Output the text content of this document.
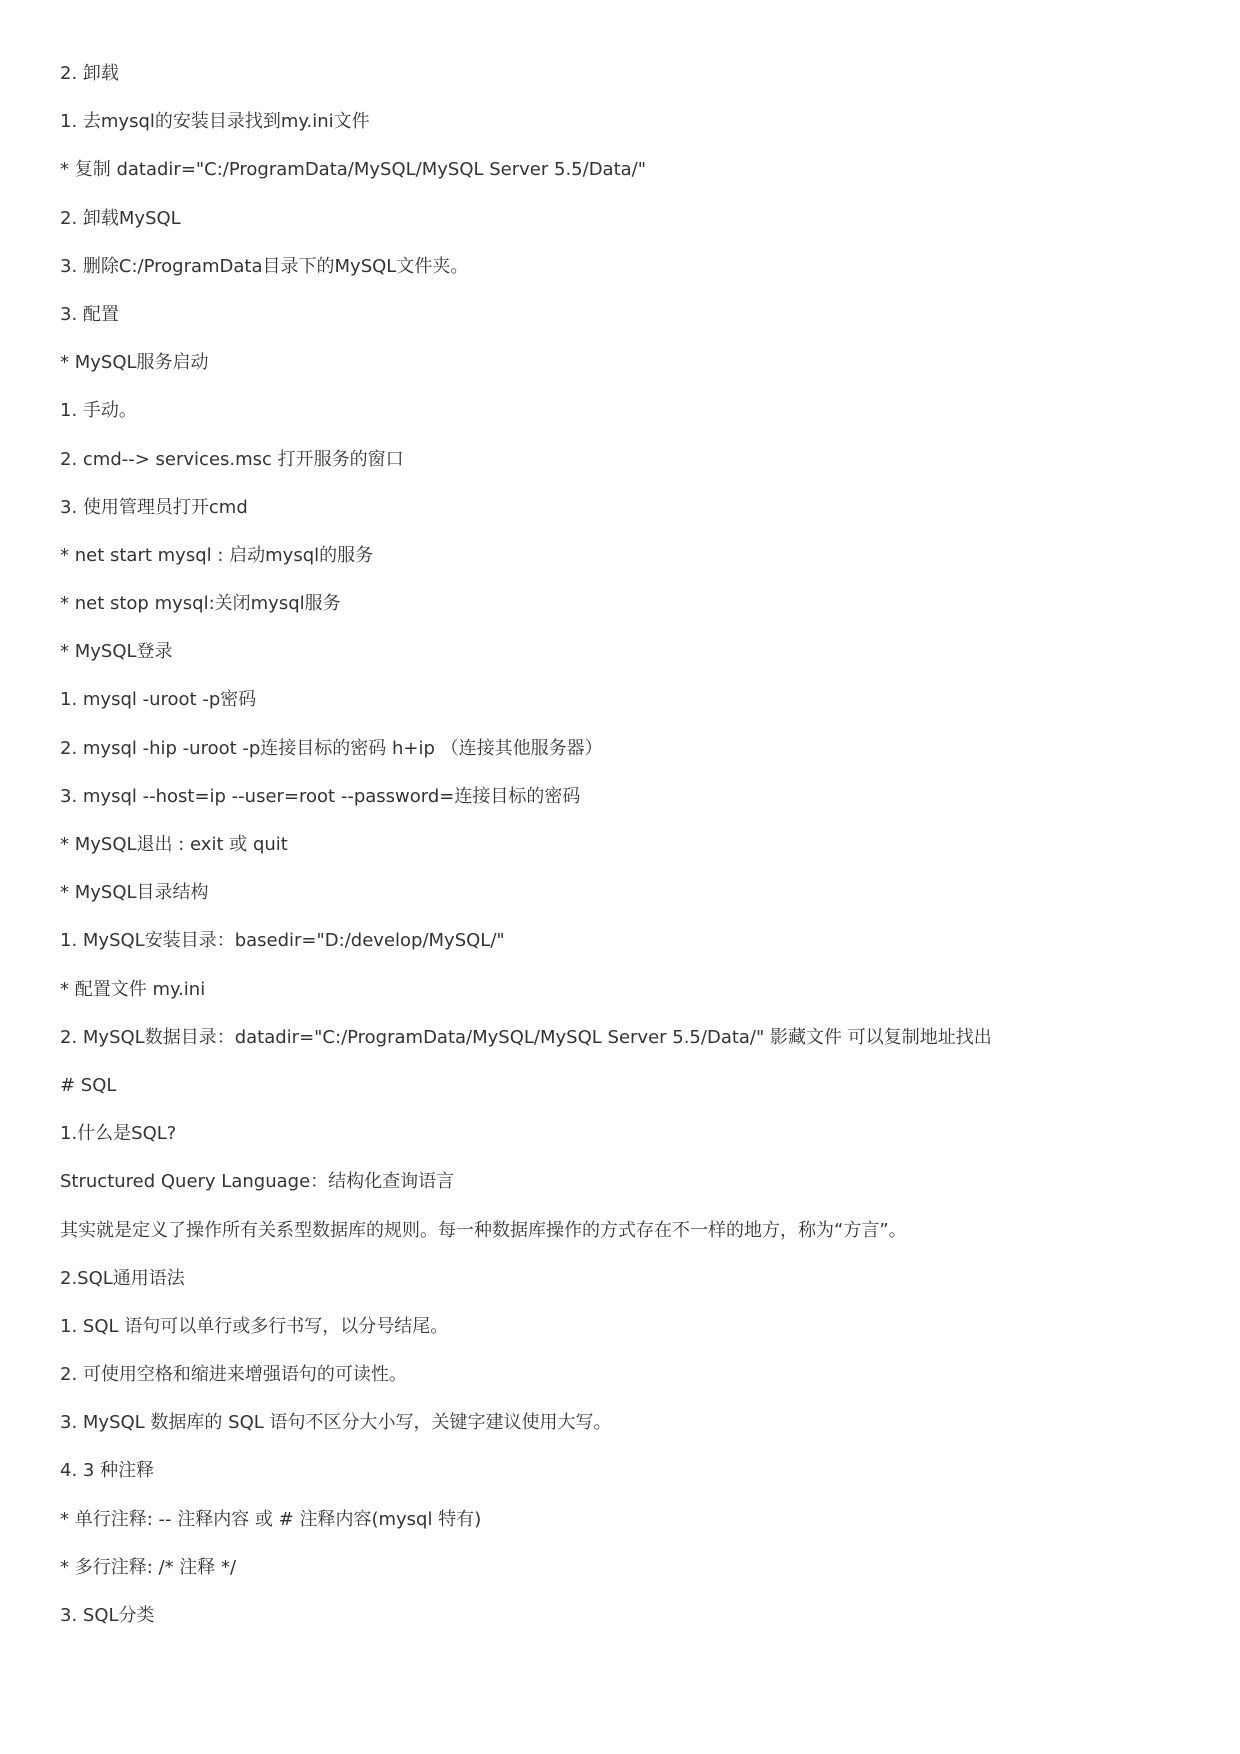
2. 卸载
1. 去mysql的安装目录找到my.ini文件
* 复制 datadir="C:/ProgramData/MySQL/MySQL Server 5.5/Data/"
2. 卸载MySQL
3. 删除C:/ProgramData目录下的MySQL文件夹。
3. 配置
* MySQL服务启动
1. 手动。
2. cmd--> services.msc 打开服务的窗口
3. 使用管理员打开cmd
* net start mysql : 启动mysql的服务
* net stop mysql:关闭mysql服务
* MySQL登录
1. mysql -uroot -p密码
2. mysql -hip -uroot -p连接目标的密码 h+ip （连接其他服务器）
3. mysql --host=ip --user=root --password=连接目标的密码
* MySQL退出 : exit 或 quit
* MySQL目录结构
1. MySQL安装目录：basedir="D:/develop/MySQL/"
* 配置文件 my.ini
2. MySQL数据目录：datadir="C:/ProgramData/MySQL/MySQL Server 5.5/Data/" 影藏文件 可以复制地址找出
# SQL
1.什么是SQL?
Structured Query Language：结构化查询语言
其实就是定义了操作所有关系型数据库的规则。每一种数据库操作的方式存在不一样的地方，称为“方言”。
2.SQL通用语法
1. SQL 语句可以单行或多行书写，以分号结尾。
2. 可使用空格和缩进来增强语句的可读性。
3. MySQL 数据库的 SQL 语句不区分大小写，关键字建议使用大写。
4. 3 种注释
* 单行注释: -- 注释内容 或 # 注释内容(mysql 特有)
* 多行注释: /* 注释 */
3. SQL分类
